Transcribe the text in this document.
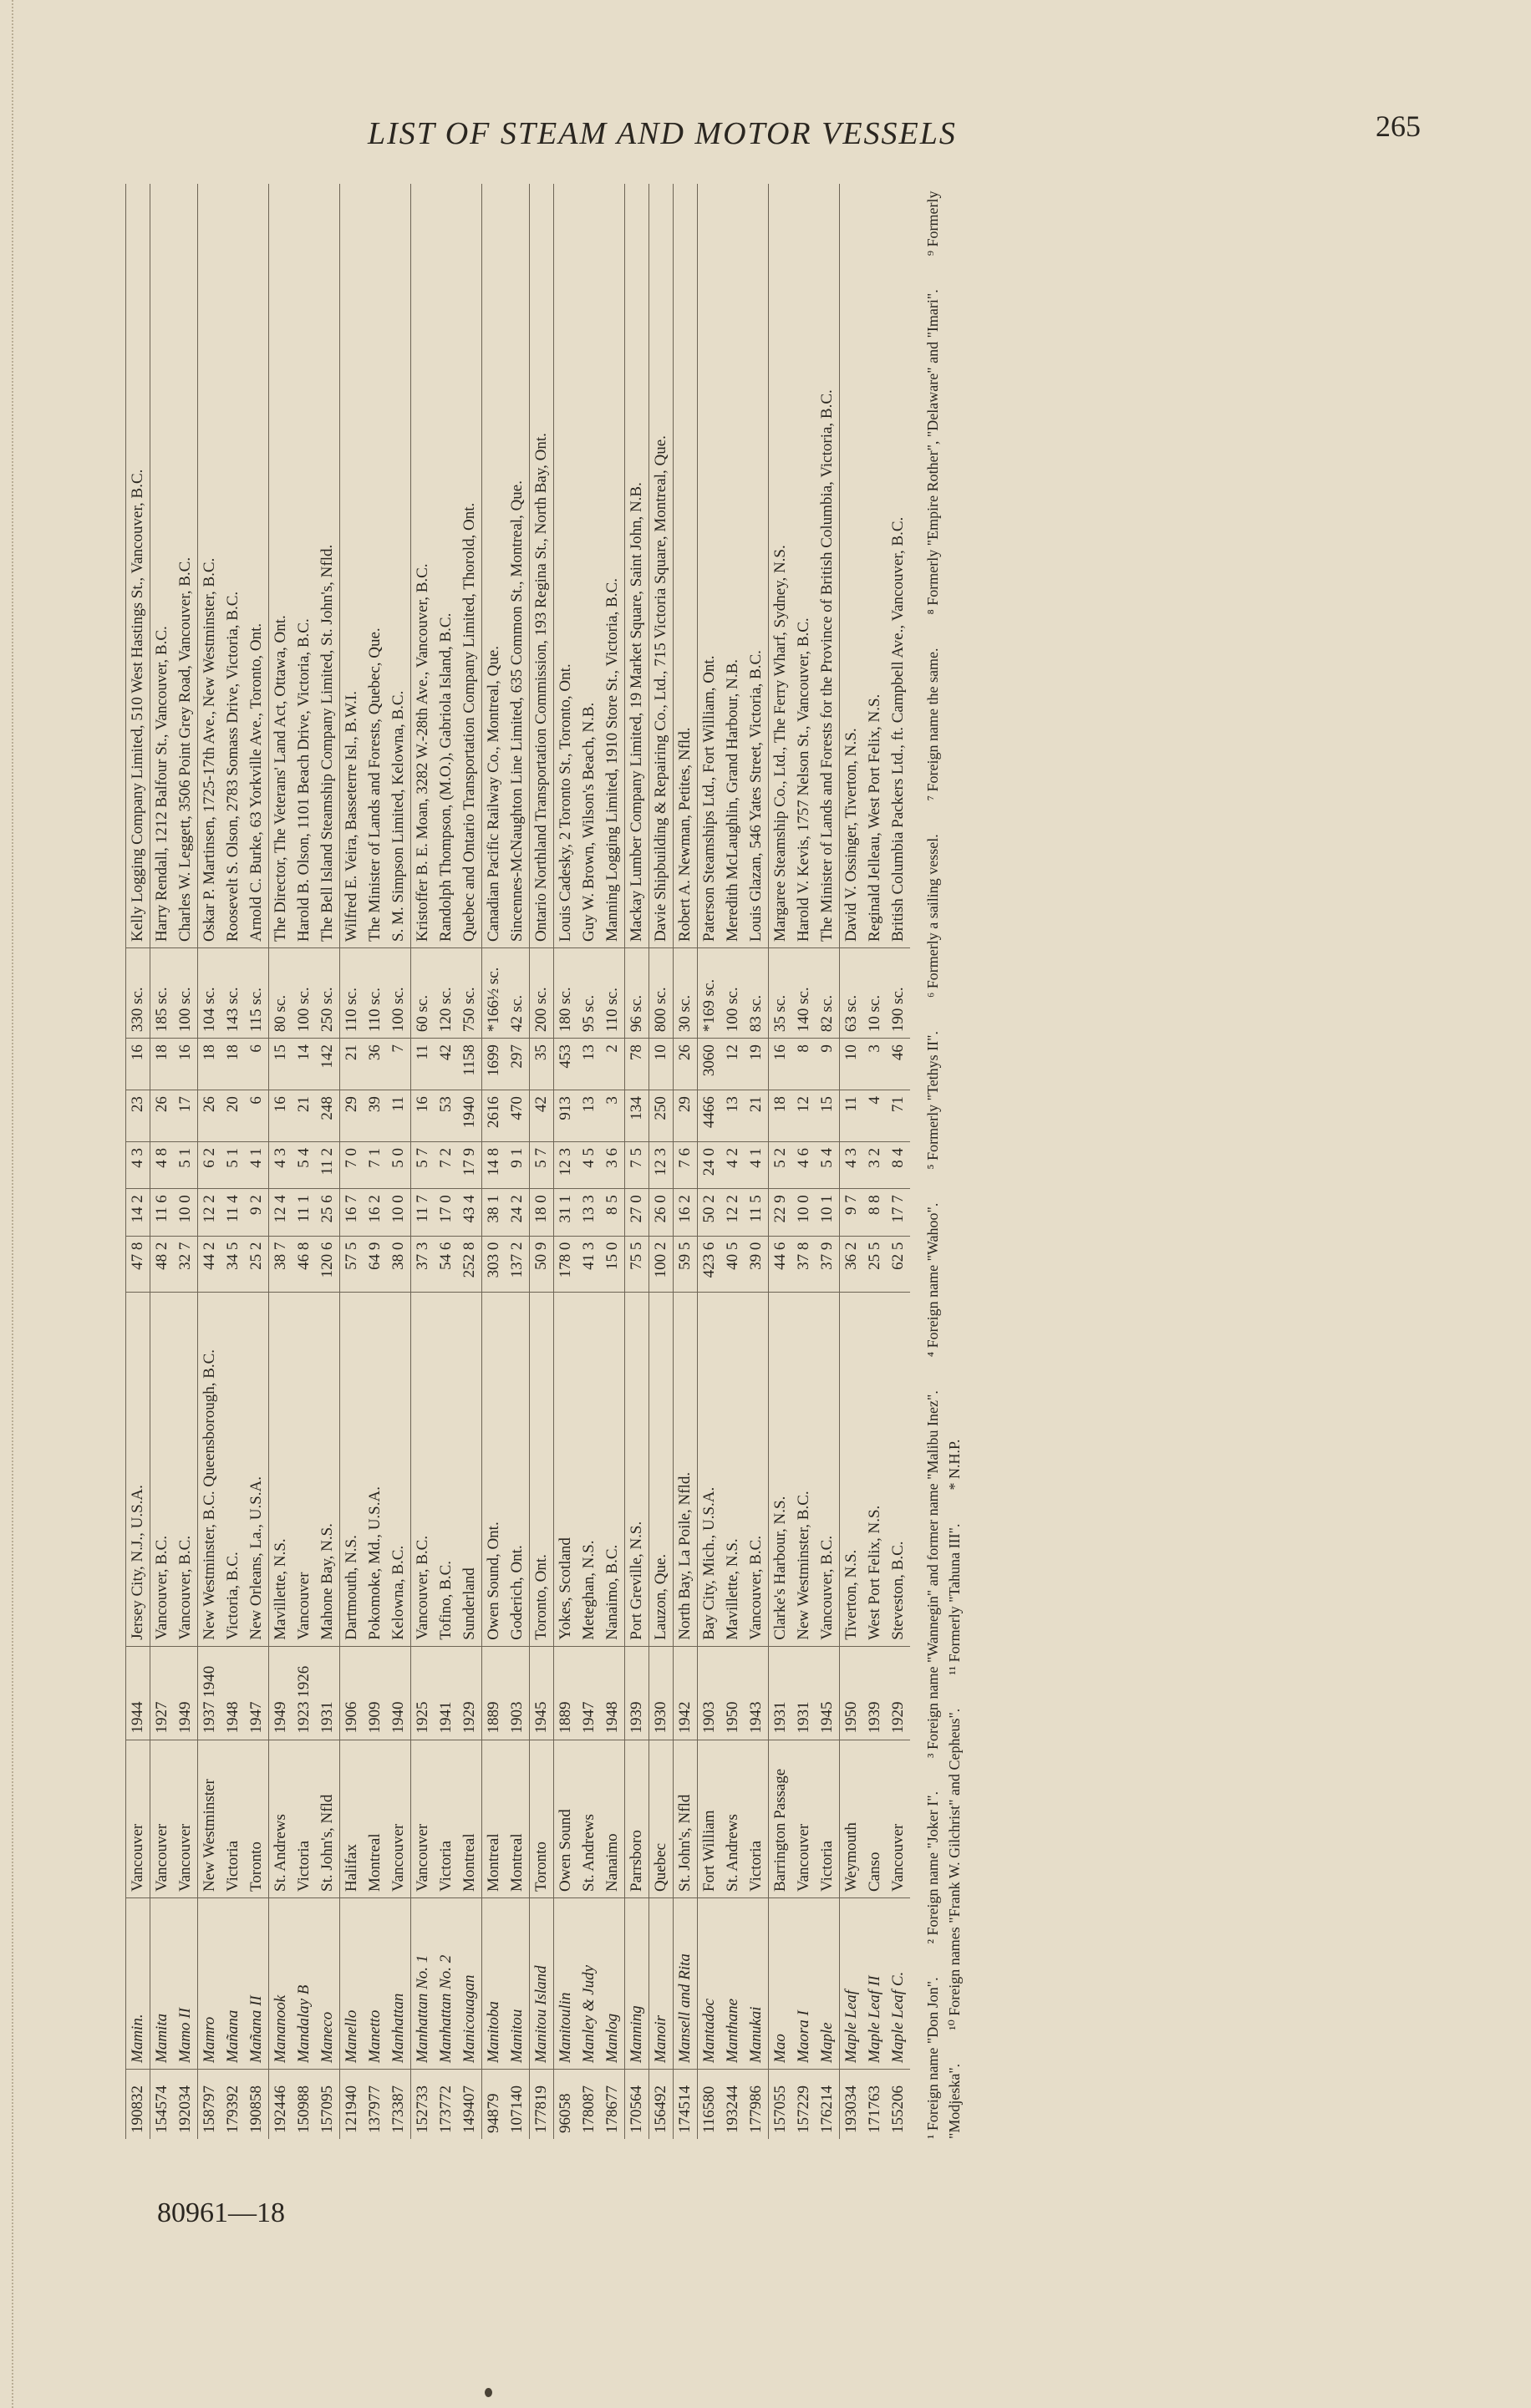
LIST OF STEAM AND MOTOR VESSELS	265
190832	Mamin.	Vancouver	1944	Jersey City, N.J., U.S.A.	47 8	14 2	4 3	23	16	330 sc.	Kelly Logging Company Limited, 510 West Hastings St., Vancouver, B.C.
154574	Mamita	Vancouver	1927	Vancouver, B.C.	48 2	11 6	4 8	26	18	185 sc.	Harry Rendall, 1212 Balfour St., Vancouver, B.C.
192034	Mamo II	Vancouver	1949	Vancouver, B.C.	32 7	10 0	5 1	17	16	100 sc.	Charles W. Leggett, 3506 Point Grey Road, Vancouver, B.C.
158797	Mamro	New Westminster	1937 1940	New Westminster, B.C. Queensborough, B.C.	44 2	12 2	6 2	26	18	104 sc.	Oskar P. Martinsen, 1725-17th Ave., New Westminster, B.C.
179392	Mañana	Victoria	1948	Victoria, B.C.	34 5	11 4	5 1	20	18	143 sc.	Roosevelt S. Olson, 2783 Somass Drive, Victoria, B.C.
190858	Mañana II	Toronto	1947	New Orleans, La., U.S.A.	25 2	9 2	4 1	6	6	115 sc.	Arnold C. Burke, 63 Yorkville Ave., Toronto, Ont.
192446	Mananook	St. Andrews	1949	Mavillette, N.S.	38 7	12 4	4 3	16	15	80 sc.	The Director, The Veterans' Land Act, Ottawa, Ont.
150988	Mandalay B	Victoria	1923 1926	Vancouver	46 8	11 1	5 4	21	14	100 sc.	Harold B. Olson, 1101 Beach Drive, Victoria, B.C.
157095	Maneco	St. John's, Nfld	1931	Mahone Bay, N.S.	120 6	25 6	11 2	248	142	250 sc.	The Bell Island Steamship Company Limited, St. John's, Nfld.
121940	Manello	Halifax	1906	Dartmouth, N.S.	57 5	16 7	7 0	29	21	110 sc.	Wilfred E. Veira, Basseterre Isl., B.W.I.
137977	Manetto	Montreal	1909	Pokomoke, Md., U.S.A.	64 9	16 2	7 1	39	36	110 sc.	The Minister of Lands and Forests, Quebec, Que.
173387	Manhattan	Vancouver	1940	Kelowna, B.C.	38 0	10 0	5 0	11	7	100 sc.	S. M. Simpson Limited, Kelowna, B.C.
152733	Manhattan No. 1	Vancouver	1925	Vancouver, B.C.	37 3	11 7	5 7	16	11	60 sc.	Kristoffer B. E. Moan, 3282 W.-28th Ave., Vancouver, B.C.
173772	Manhattan No. 2	Victoria	1941	Tofino, B.C.	54 6	17 0	7 2	53	42	120 sc.	Randolph Thompson, (M.O.), Gabriola Island, B.C.
149407	Manicouagan	Montreal	1929	Sunderland	252 8	43 4	17 9	1940	1158	750 sc.	Quebec and Ontario Transportation Company Limited, Thorold, Ont.
94879	Manitoba	Montreal	1889	Owen Sound, Ont.	303 0	38 1	14 8	2616	1699	*166½ sc.	Canadian Pacific Railway Co., Montreal, Que.
107140	Manitou	Montreal	1903	Goderich, Ont.	137 2	24 2	9 1	470	297	42 sc.	Sincennes-McNaughton Line Limited, 635 Common St., Montreal, Que.
177819	Manitou Island	Toronto	1945	Toronto, Ont.	50 9	18 0	5 7	42	35	200 sc.	Ontario Northland Transportation Commission, 193 Regina St., North Bay, Ont.
96058	Manitoulin	Owen Sound	1889	Yokes, Scotland	178 0	31 1	12 3	913	453	180 sc.	Louis Cadesky, 2 Toronto St., Toronto, Ont.
178087	Manley & Judy	St. Andrews	1947	Meteghan, N.S.	41 3	13 3	4 5	13	13	95 sc.	Guy W. Brown, Wilson's Beach, N.B.
178677	Manlog	Nanaimo	1948	Nanaimo, B.C.	15 0	8 5	3 6	3	2	110 sc.	Manning Logging Limited, 1910 Store St., Victoria, B.C.
170564	Manning	Parrsboro	1939	Port Greville, N.S.	75 5	27 0	7 5	134	78	96 sc.	Mackay Lumber Company Limited, 19 Market Square, Saint John, N.B.
156492	Manoir	Quebec	1930	Lauzon, Que.	100 2	26 0	12 3	250	10	800 sc.	Davie Shipbuilding & Repairing Co., Ltd., 715 Victoria Square, Montreal, Que.
174514	Mansell and Rita	St. John's, Nfld	1942	North Bay, La Poile, Nfld.	59 5	16 2	7 6	29	26	30 sc.	Robert A. Newman, Petites, Nfld.
116580	Mantadoc	Fort William	1903	Bay City, Mich., U.S.A.	423 6	50 2	24 0	4466	3060	*169 sc.	Paterson Steamships Ltd., Fort William, Ont.
193244	Manthane	St. Andrews	1950	Mavillette, N.S.	40 5	12 2	4 2	13	12	100 sc.	Meredith McLaughlin, Grand Harbour, N.B.
177986	Manukai	Victoria	1943	Vancouver, B.C.	39 0	11 5	4 1	21	19	83 sc.	Louis Glazan, 546 Yates Street, Victoria, B.C.
157055	Mao	Barrington Passage	1931	Clarke's Harbour, N.S.	44 6	22 9	5 2	18	16	35 sc.	Margaree Steamship Co., Ltd., The Ferry Wharf, Sydney, N.S.
157229	Maora I	Vancouver	1931	New Westminster, B.C.	37 8	10 0	4 6	12	8	140 sc.	Harold V. Kevis, 1757 Nelson St., Vancouver, B.C.
176214	Maple	Victoria	1945	Vancouver, B.C.	37 9	10 1	5 4	15	9	82 sc.	The Minister of Lands and Forests for the Province of British Columbia, Victoria, B.C.
193034	Maple Leaf	Weymouth	1950	Tiverton, N.S.	36 2	9 7	4 3	11	10	63 sc.	David V. Ossinger, Tiverton, N.S.
171763	Maple Leaf II	Canso	1939	West Port Felix, N.S.	25 5	8 8	3 2	4	3	10 sc.	Reginald Jelleau, West Port Felix, N.S.
155206	Maple Leaf C.	Vancouver	1929	Steveston, B.C.	62 5	17 7	8 4	71	46	190 sc.	British Columbia Packers Ltd., ft. Campbell Ave., Vancouver, B.C.
¹ Foreign name "Don Jon".² Foreign name "Joker I".³ Foreign name "Wannegin" and former name "Malibu Inez".⁴ Foreign name "Wahoo".⁵ Formerly "Tethys II".⁶ Formerly a sailing vessel.⁷ Foreign name the same.⁸ Formerly "Empire Rother", "Delaware" and "Imari".⁹ Formerly "Modjeska".¹⁰ Foreign names "Frank W. Gilchrist" and Cepheus".¹¹ Formerly "Tahuna III".* N.H.P.
80961—18
